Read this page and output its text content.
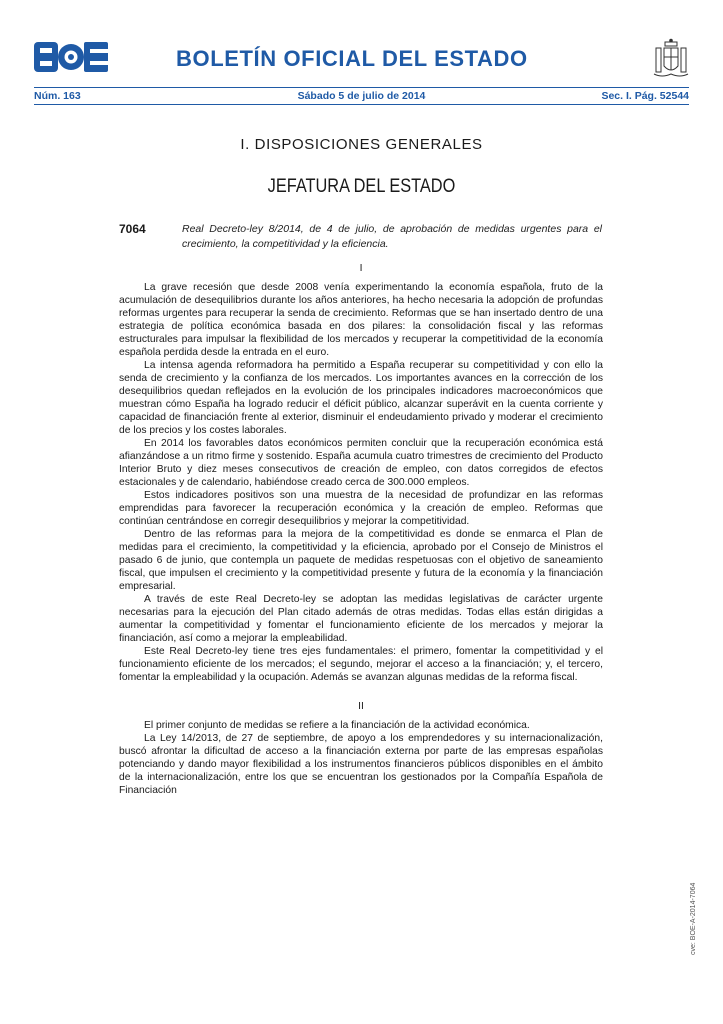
BOLETÍN OFICIAL DEL ESTADO
Núm. 163	Sábado 5 de julio de 2014	Sec. I. Pág. 52544
I. DISPOSICIONES GENERALES
JEFATURA DEL ESTADO
7064	Real Decreto-ley 8/2014, de 4 de julio, de aprobación de medidas urgentes para el crecimiento, la competitividad y la eficiencia.

I

La grave recesión que desde 2008 venía experimentando la economía española, fruto de la acumulación de desequilibrios durante los años anteriores, ha hecho necesaria la adopción de profundas reformas urgentes para recuperar la senda de crecimiento. Reformas que se han insertado dentro de una estrategia de política económica basada en dos pilares: la consolidación fiscal y las reformas estructurales para impulsar la flexibilidad de los mercados y recuperar la competitividad de la economía española perdida desde la entrada en el euro.

La intensa agenda reformadora ha permitido a España recuperar su competitividad y con ello la senda de crecimiento y la confianza de los mercados. Los importantes avances en la corrección de los desequilibrios quedan reflejados en la evolución de los principales indicadores macroeconómicos que muestran cómo España ha logrado reducir el déficit público, alcanzar superávit en la cuenta corriente y capacidad de financiación frente al exterior, disminuir el endeudamiento privado y moderar el crecimiento de los precios y los costes laborales.

En 2014 los favorables datos económicos permiten concluir que la recuperación económica está afianzándose a un ritmo firme y sostenido. España acumula cuatro trimestres de crecimiento del Producto Interior Bruto y diez meses consecutivos de creación de empleo, con datos corregidos de efectos estacionales y de calendario, habiéndose creado cerca de 300.000 empleos.

Estos indicadores positivos son una muestra de la necesidad de profundizar en las reformas emprendidas para favorecer la recuperación económica y la creación de empleo. Reformas que continúan centrándose en corregir desequilibrios y mejorar la competitividad.

Dentro de las reformas para la mejora de la competitividad es donde se enmarca el Plan de medidas para el crecimiento, la competitividad y la eficiencia, aprobado por el Consejo de Ministros el pasado 6 de junio, que contempla un paquete de medidas respetuosas con el objetivo de saneamiento fiscal, que impulsen el crecimiento y la competitividad presente y futura de la economía y la financiación empresarial.

A través de este Real Decreto-ley se adoptan las medidas legislativas de carácter urgente necesarias para la ejecución del Plan citado además de otras medidas. Todas ellas están dirigidas a aumentar la competitividad y fomentar el funcionamiento eficiente de los mercados y mejorar la financiación, así como a mejorar la empleabilidad.

Este Real Decreto-ley tiene tres ejes fundamentales: el primero, fomentar la competitividad y el funcionamiento eficiente de los mercados; el segundo, mejorar el acceso a la financiación; y, el tercero, fomentar la empleabilidad y la ocupación. Además se avanzan algunas medidas de la reforma fiscal.

II

El primer conjunto de medidas se refiere a la financiación de la actividad económica.

La Ley 14/2013, de 27 de septiembre, de apoyo a los emprendedores y su internacionalización, buscó afrontar la dificultad de acceso a la financiación externa por parte de las empresas españolas potenciando y dando mayor flexibilidad a los instrumentos financieros públicos disponibles en el ámbito de la internacionalización, entre los que se encuentran los gestionados por la Compañía Española de Financiación

cve: BOE-A-2014-7064
